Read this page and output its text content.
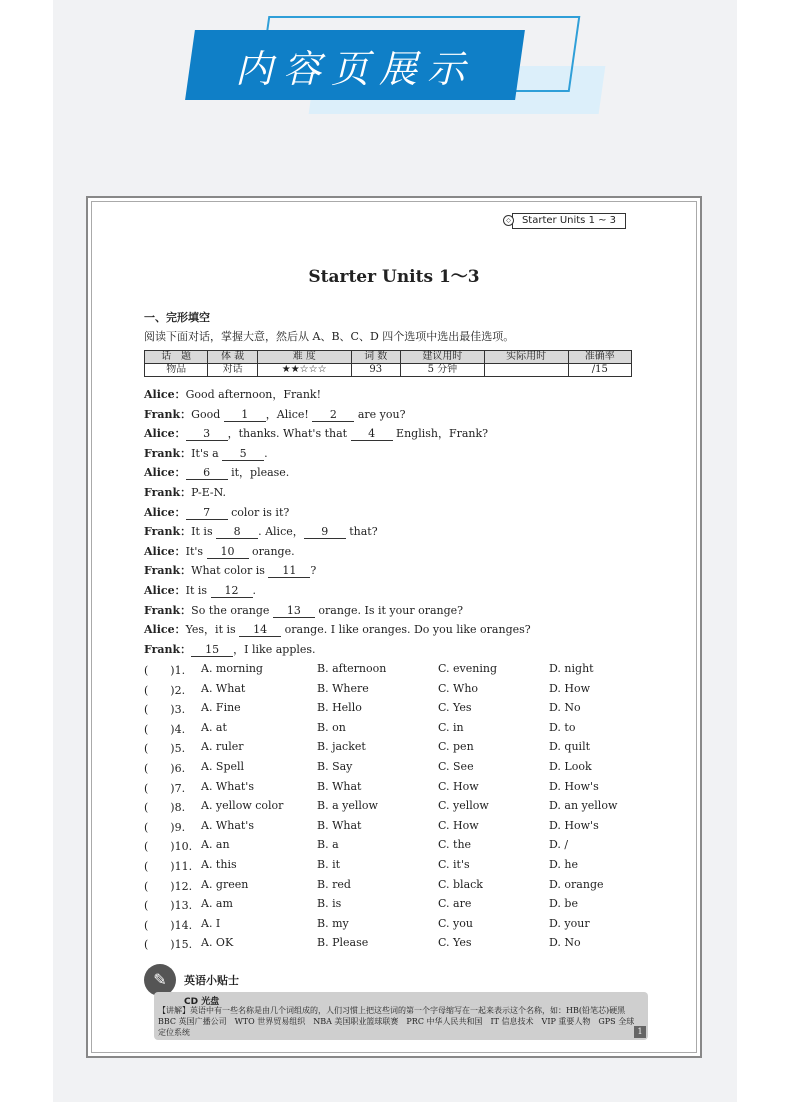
内容页展示
◇	Starter Units 1 ~ 3
Starter Units 1～3
一、完形填空
阅读下面对话，掌握大意，然后从 A、B、C、D 四个选项中选出最佳选项。
话　题	体 裁	难 度	词 数	建议用时	实际用时	准确率
物品	对话	★★☆☆☆	93	5 分钟		/15
Alice：Good afternoon，Frank!
Frank：Good 1 ，Alice! 2 are you?
Alice： 3 ，thanks. What's that 4 English，Frank?
Frank：It's a 5 .
Alice： 6 it，please.
Frank：P-E-N.
Alice： 7 color is it?
Frank：It is 8 . Alice， 9 that?
Alice：It's 10 orange.
Frank：What color is 11 ?
Alice：It is 12 .
Frank：So the orange 13 orange. Is it your orange?
Alice：Yes，it is 14 orange. I like oranges. Do you like oranges?
Frank： 15 ，I like apples.
(　　)1. A. morning	B. afternoon	C. evening	D. night
(　　)2. A. What	B. Where	C. Who	D. How
(　　)3. A. Fine	B. Hello	C. Yes	D. No
(　　)4. A. at	B. on	C. in	D. to
(　　)5. A. ruler	B. jacket	C. pen	D. quilt
(　　)6. A. Spell	B. Say	C. See	D. Look
(　　)7. A. What's	B. What	C. How	D. How's
(　　)8. A. yellow color	B. a yellow	C. yellow	D. an yellow
(　　)9. A. What's	B. What	C. How	D. How's
(　　)10. A. an	B. a	C. the	D. /
(　　)11. A. this	B. it	C. it's	D. he
(　　)12. A. green	B. red	C. black	D. orange
(　　)13. A. am	B. is	C. are	D. be
(　　)14. A. I	B. my	C. you	D. your
(　　)15. A. OK	B. Please	C. Yes	D. No
✎	英语小贴士
CD 光盘
【讲解】英语中有一些名称是由几个词组成的，人们习惯上把这些词的第一个字母缩写在一起来表示这个名称，如：HB(铅笔芯)硬黑　BBC 英国广播公司　WTO 世界贸易组织　NBA 美国职业篮球联赛　PRC 中华人民共和国　IT 信息技术　VIP 重要人物　GPS 全球定位系统	1
